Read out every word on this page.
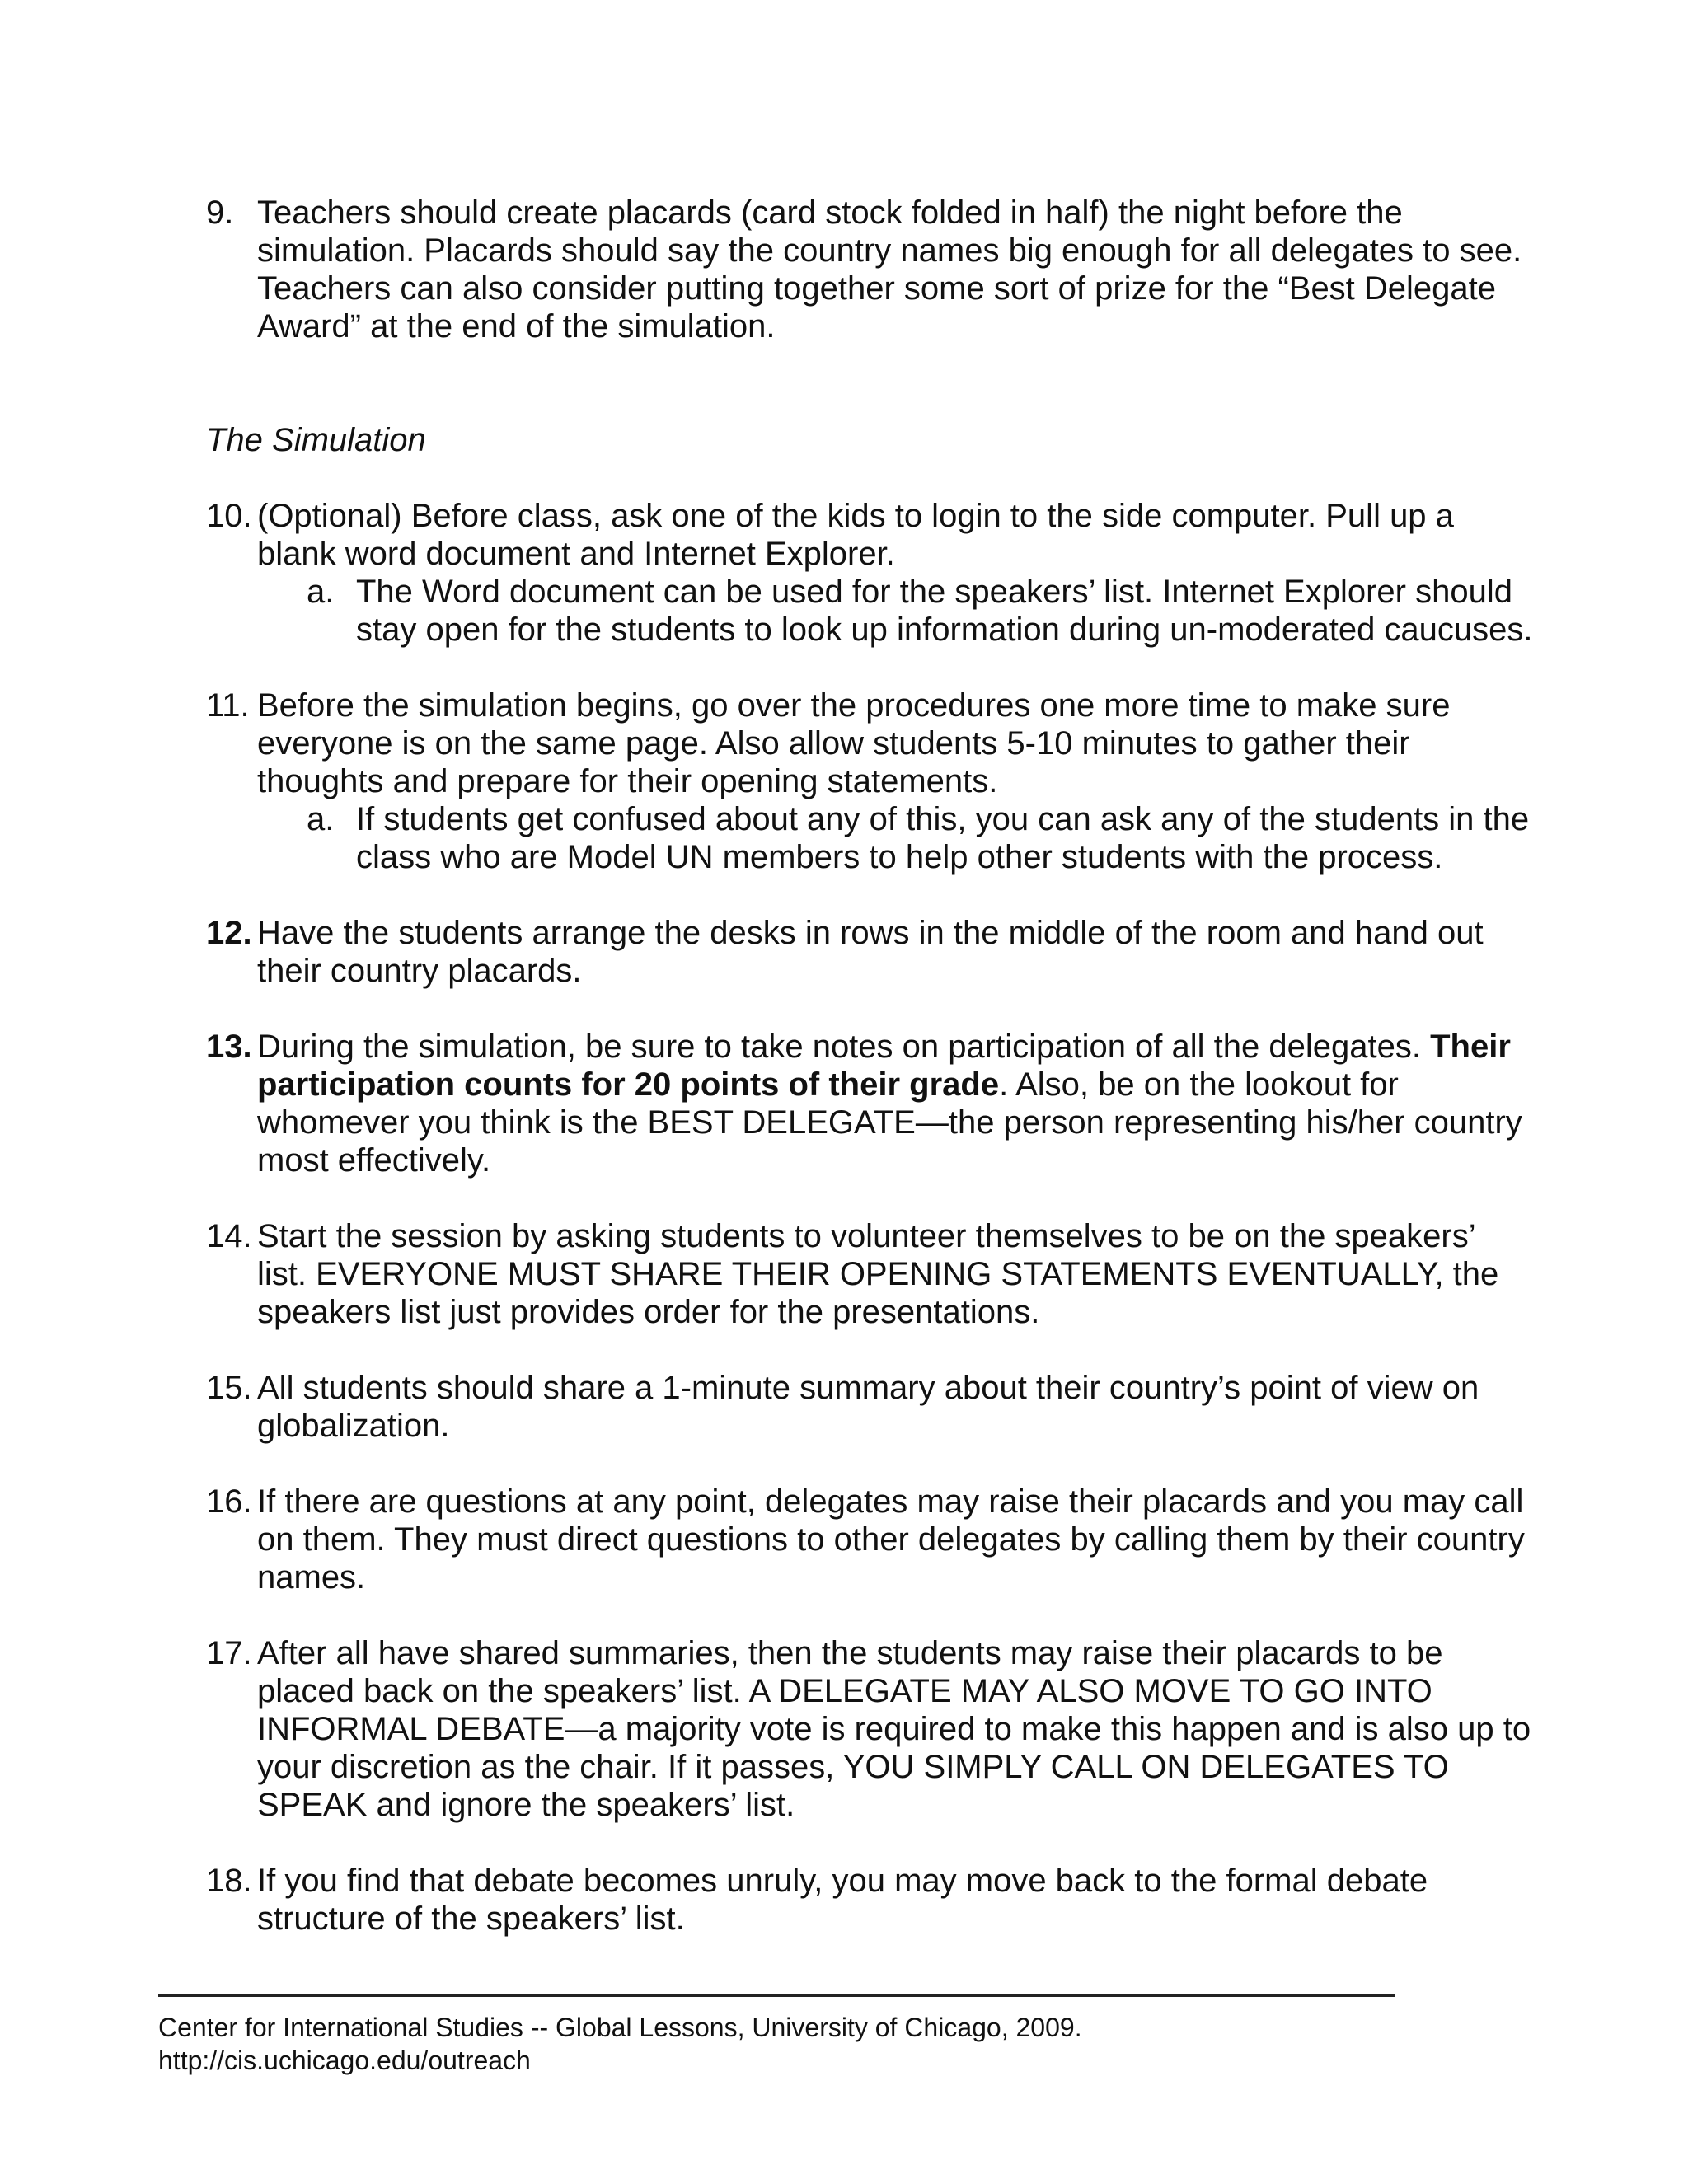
9. Teachers should create placards (card stock folded in half) the night before the simulation. Placards should say the country names big enough for all delegates to see. Teachers can also consider putting together some sort of prize for the “Best Delegate Award” at the end of the simulation.
The Simulation
10. (Optional) Before class, ask one of the kids to login to the side computer. Pull up a blank word document and Internet Explorer.
a. The Word document can be used for the speakers’ list. Internet Explorer should stay open for the students to look up information during un-moderated caucuses.
11. Before the simulation begins, go over the procedures one more time to make sure everyone is on the same page. Also allow students 5-10 minutes to gather their thoughts and prepare for their opening statements.
a. If students get confused about any of this, you can ask any of the students in the class who are Model UN members to help other students with the process.
12. Have the students arrange the desks in rows in the middle of the room and hand out their country placards.
13. During the simulation, be sure to take notes on participation of all the delegates. Their participation counts for 20 points of their grade. Also, be on the lookout for whomever you think is the BEST DELEGATE—the person representing his/her country most effectively.
14. Start the session by asking students to volunteer themselves to be on the speakers’ list. EVERYONE MUST SHARE THEIR OPENING STATEMENTS EVENTUALLY, the speakers list just provides order for the presentations.
15. All students should share a 1-minute summary about their country’s point of view on globalization.
16. If there are questions at any point, delegates may raise their placards and you may call on them. They must direct questions to other delegates by calling them by their country names.
17. After all have shared summaries, then the students may raise their placards to be placed back on the speakers’ list. A DELEGATE MAY ALSO MOVE TO GO INTO INFORMAL DEBATE—a majority vote is required to make this happen and is also up to your discretion as the chair. If it passes, YOU SIMPLY CALL ON DELEGATES TO SPEAK and ignore the speakers’ list.
18. If you find that debate becomes unruly, you may move back to the formal debate structure of the speakers’ list.
Center for International Studies -- Global Lessons, University of Chicago, 2009.
http://cis.uchicago.edu/outreach
